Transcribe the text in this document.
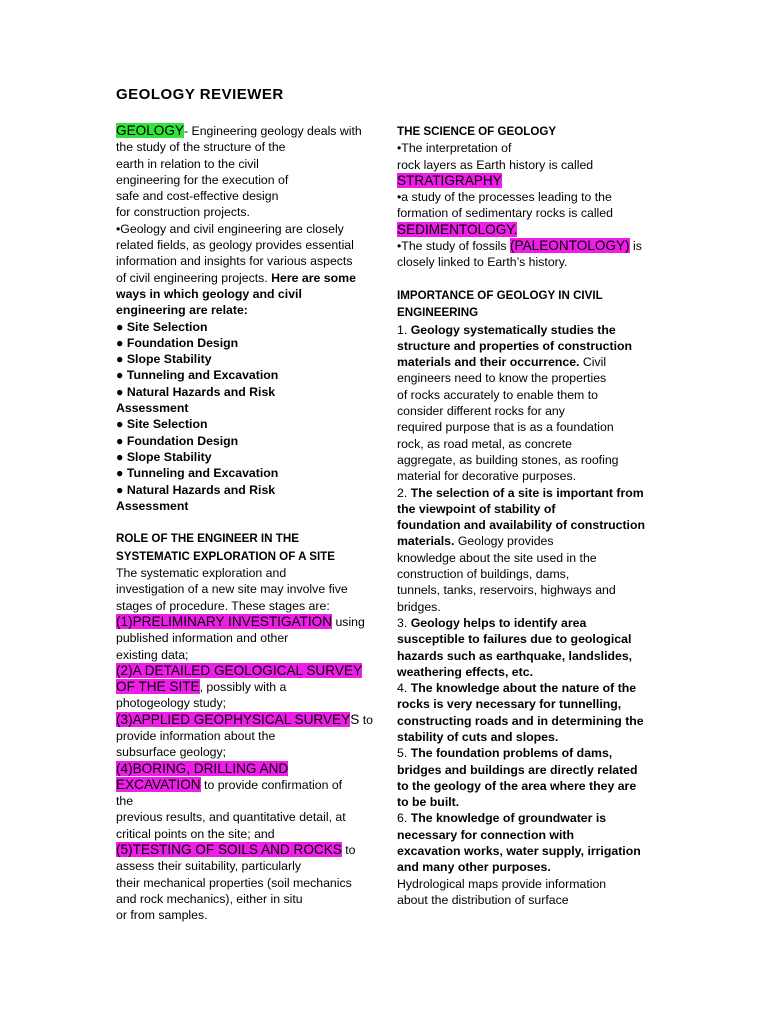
GEOLOGY REVIEWER
GEOLOGY- Engineering geology deals with
the study of the structure of the
earth in relation to the civil
engineering for the execution of
safe and cost-effective design
for construction projects.
•Geology and civil engineering are closely
related fields, as geology provides essential
information and insights for various aspects
of civil engineering projects. Here are some
ways in which geology and civil
engineering are relate:
● Site Selection
● Foundation Design
● Slope Stability
● Tunneling and Excavation
● Natural Hazards and Risk
Assessment
● Site Selection
● Foundation Design
● Slope Stability
● Tunneling and Excavation
● Natural Hazards and Risk
Assessment
ROLE OF THE ENGINEER IN THE
SYSTEMATIC EXPLORATION OF A SITE
The systematic exploration and
investigation of a new site may involve five
stages of procedure. These stages are:
(1)PRELIMINARY INVESTIGATION using
published information and other
existing data;
(2)A DETAILED GEOLOGICAL SURVEY
OF THE SITE, possibly with a
photogeology study;
(3)APPLIED GEOPHYSICAL SURVEYS to
provide information about the
subsurface geology;
(4)BORING, DRILLING AND
EXCAVATION to provide confirmation of
the
previous results, and quantitative detail, at
critical points on the site; and
(5)TESTING OF SOILS AND ROCKS to
assess their suitability, particularly
their mechanical properties (soil mechanics
and rock mechanics), either in situ
or from samples.
THE SCIENCE OF GEOLOGY
•The interpretation of
rock layers as Earth history is called
STRATIGRAPHY
•a study of the processes leading to the
formation of sedimentary rocks is called
SEDIMENTOLOGY.
•The study of fossils (PALEONTOLOGY) is
closely linked to Earth’s history.
IMPORTANCE OF GEOLOGY IN CIVIL
ENGINEERING
1. Geology systematically studies the
structure and properties of construction
materials and their occurrence. Civil
engineers need to know the properties
of rocks accurately to enable them to
consider different rocks for any
required purpose that is as a foundation
rock, as road metal, as concrete
aggregate, as building stones, as roofing
material for decorative purposes.
2. The selection of a site is important from
the viewpoint of stability of
foundation and availability of construction
materials. Geology provides
knowledge about the site used in the
construction of buildings, dams,
tunnels, tanks, reservoirs, highways and
bridges.
3. Geology helps to identify area
susceptible to failures due to geological
hazards such as earthquake, landslides,
weathering effects, etc.
4. The knowledge about the nature of the
rocks is very necessary for tunnelling,
constructing roads and in determining the
stability of cuts and slopes.
5. The foundation problems of dams,
bridges and buildings are directly related
to the geology of the area where they are
to be built.
6. The knowledge of groundwater is
necessary for connection with
excavation works, water supply, irrigation
and many other purposes.
Hydrological maps provide information
about the distribution of surface
